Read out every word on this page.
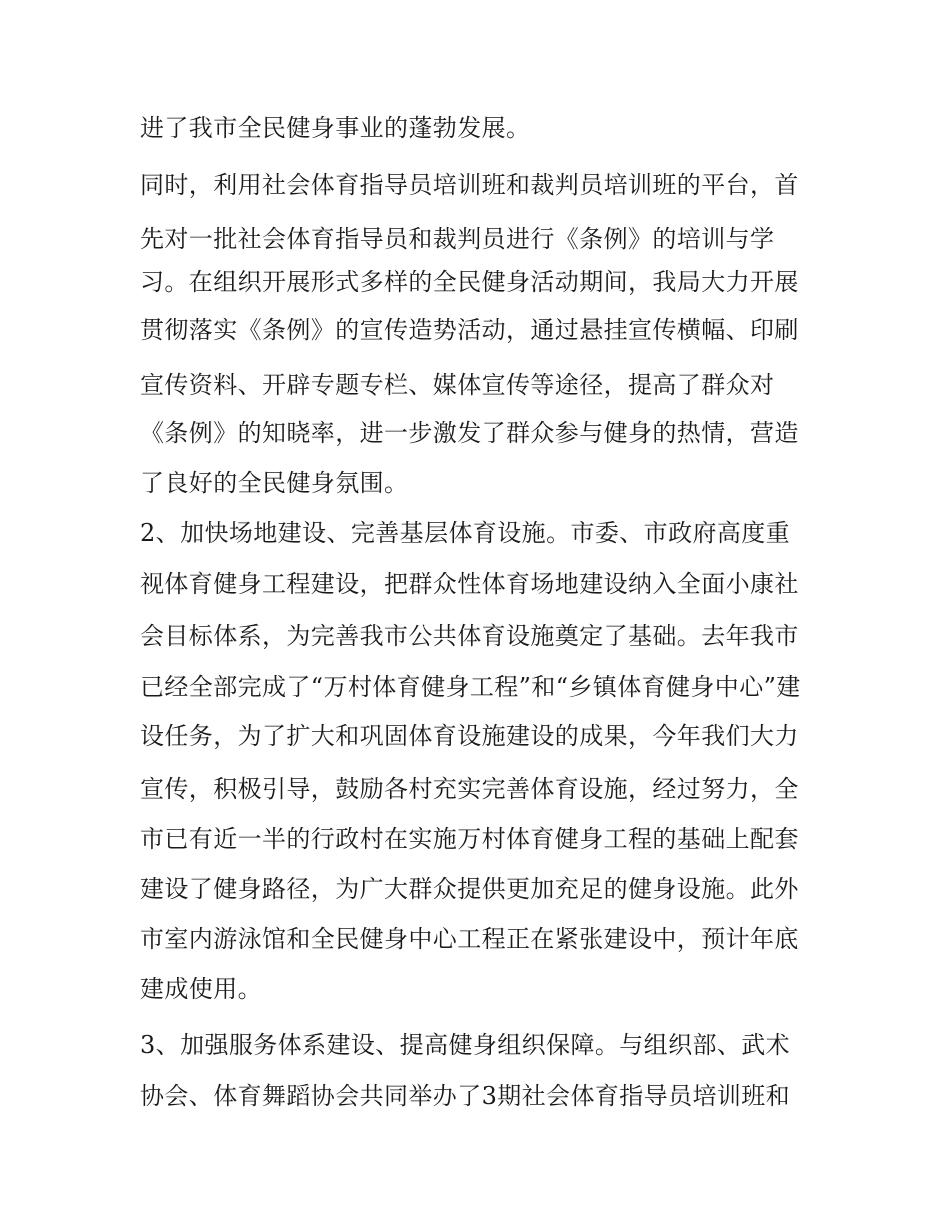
进了我市全民健身事业的蓬勃发展。
同时，利用社会体育指导员培训班和裁判员培训班的平台，首
先对一批社会体育指导员和裁判员进行《条例》的培训与学
习。在组织开展形式多样的全民健身活动期间，我局大力开展
贯彻落实《条例》的宣传造势活动，通过悬挂宣传横幅、印刷
宣传资料、开辟专题专栏、媒体宣传等途径，提高了群众对
《条例》的知晓率，进一步激发了群众参与健身的热情，营造
了良好的全民健身氛围。
2、加快场地建设、完善基层体育设施。市委、市政府高度重
视体育健身工程建设，把群众性体育场地建设纳入全面小康社
会目标体系，为完善我市公共体育设施奠定了基础。去年我市
已经全部完成了“万村体育健身工程”和“乡镇体育健身中心”建
设任务，为了扩大和巩固体育设施建设的成果，今年我们大力
宣传，积极引导，鼓励各村充实完善体育设施，经过努力，全
市已有近一半的行政村在实施万村体育健身工程的基础上配套
建设了健身路径，为广大群众提供更加充足的健身设施。此外
市室内游泳馆和全民健身中心工程正在紧张建设中，预计年底
建成使用。
3、加强服务体系建设、提高健身组织保障。与组织部、武术
协会、体育舞蹈协会共同举办了3期社会体育指导员培训班和
